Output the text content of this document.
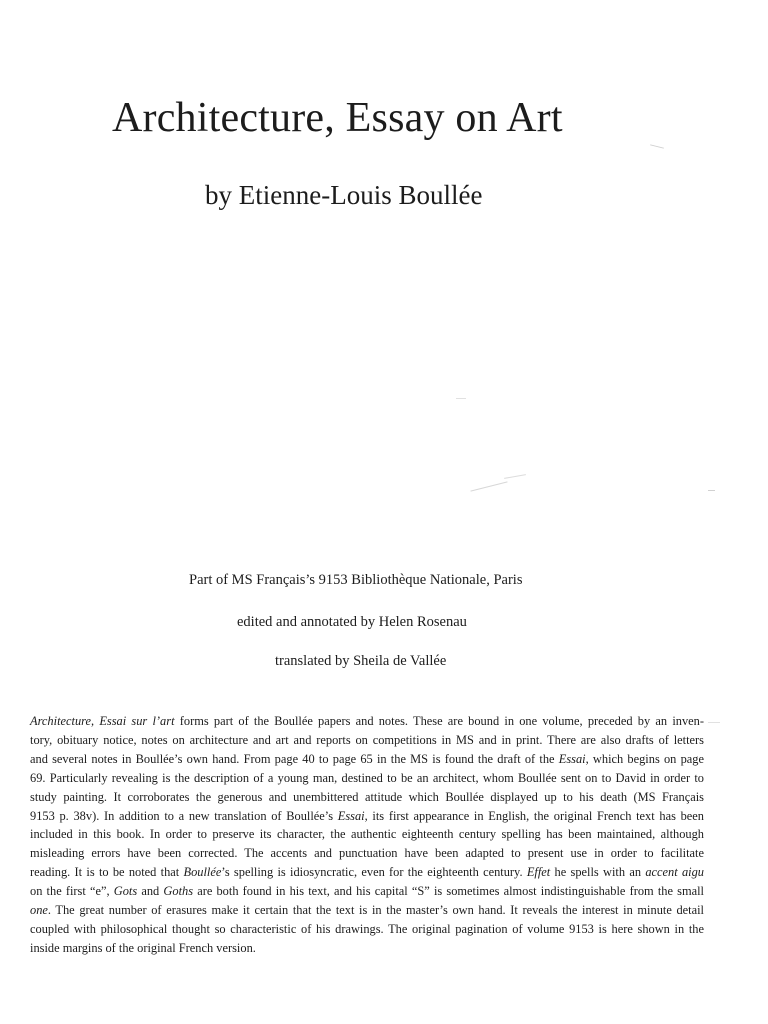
Architecture, Essay on Art
by Etienne-Louis Boullée

Part of MS Français’s 9153 Bibliothèque Nationale, Paris

edited and annotated by Helen Rosenau

translated by Sheila de Vallée

Architecture, Essai sur l’art forms part of the Boullée papers and notes. These are bound in one volume, preceded by an inven-
tory, obituary notice, notes on architecture and art and reports on competitions in MS and in print. There are also drafts of letters
and several notes in Boullée’s own hand. From page 40 to page 65 in the MS is found the draft of the Essai, which begins on page
69. Particularly revealing is the description of a young man, destined to be an architect, whom Boullée sent on to David in order to
study painting. It corroborates the generous and unembittered attitude which Boullée displayed up to his death (MS Français
9153 p. 38v). In addition to a new translation of Boullée’s Essai, its first appearance in English, the original French text has been
included in this book. In order to preserve its character, the authentic eighteenth century spelling has been maintained, although
misleading errors have been corrected. The accents and punctuation have been adapted to present use in order to facilitate
reading. It is to be noted that Boullée’s spelling is idiosyncratic, even for the eighteenth century. Effet he spells with an accent aigu
on the first “e”, Gots and Goths are both found in his text, and his capital “S” is sometimes almost indistinguishable from the small
one. The great number of erasures make it certain that the text is in the master’s own hand. It reveals the interest in minute detail
coupled with philosophical thought so characteristic of his drawings. The original pagination of volume 9153 is here shown in the
inside margins of the original French version.
